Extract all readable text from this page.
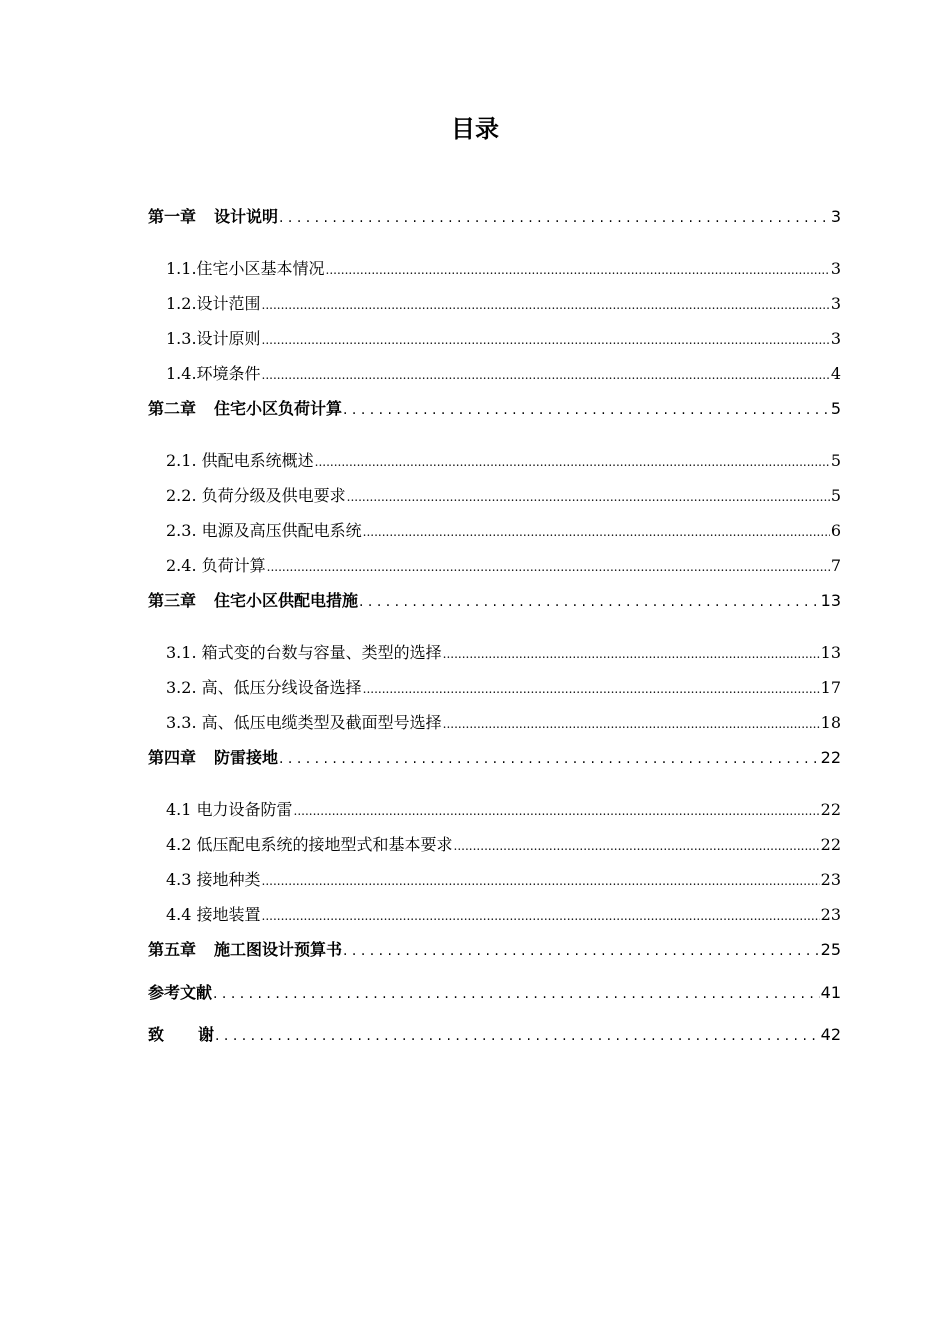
目录
第一章 设计说明 . . .	3
1.1.住宅小区基本情况 .....	3
1.2.设计范围 .....	3
1.3.设计原则 .....	3
1.4.环境条件 .....	4
第二章 住宅小区负荷计算 . . .	5
2.1. 供配电系统概述 .....	5
2.2. 负荷分级及供电要求 .....	5
2.3. 电源及高压供配电系统 .....	6
2.4. 负荷计算 .....	7
第三章 住宅小区供配电措施 . . .	13
3.1. 箱式变的台数与容量、类型的选择 .....	13
3.2. 高、低压分线设备选择 .....	17
3.3. 高、低压电缆类型及截面型号选择 .....	18
第四章 防雷接地 . . .	22
4.1 电力设备防雷 .....	22
4.2 低压配电系统的接地型式和基本要求 .....	22
4.3 接地种类 .....	23
4.4 接地装置 .....	23
第五章 施工图设计预算书 . . .	25
参考文献 . . .	41
致 谢 . . .	42
